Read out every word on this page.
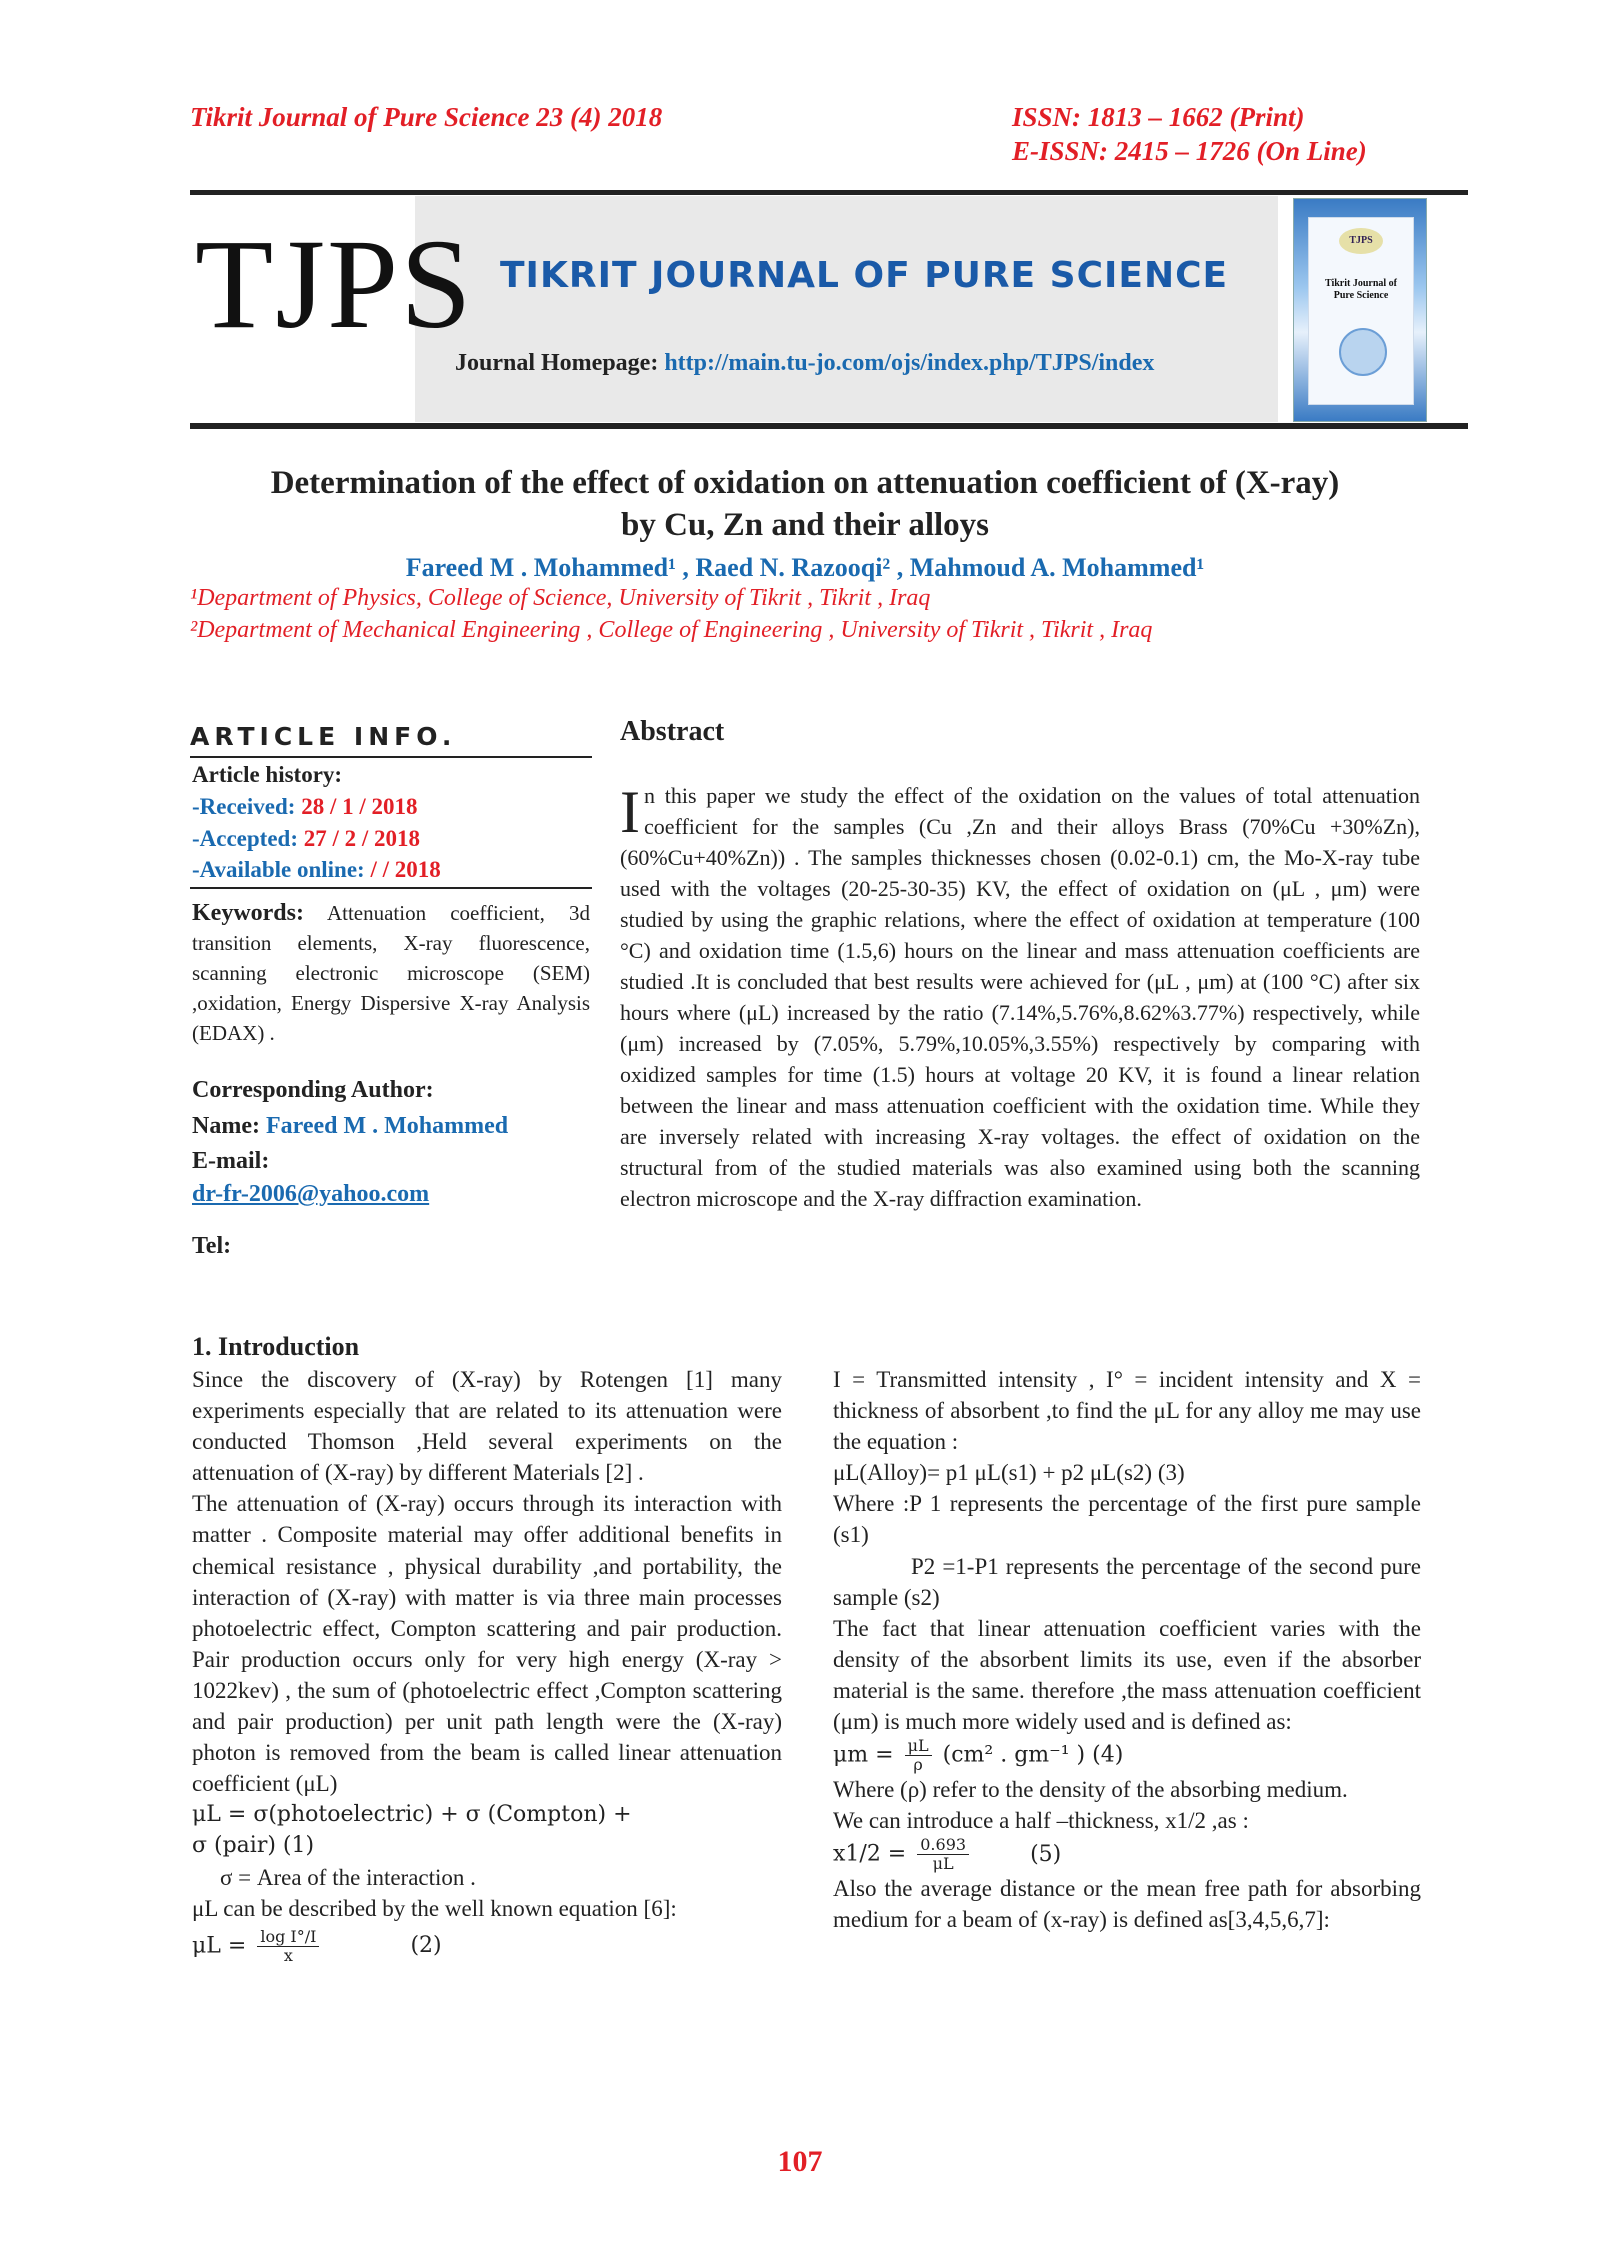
Tikrit Journal of Pure Science 23 (4) 2018	ISSN: 1813 – 1662 (Print)
E-ISSN: 2415 – 1726 (On Line)
TJPS TIKRIT JOURNAL OF PURE SCIENCE
Journal Homepage: http://main.tu-jo.com/ojs/index.php/TJPS/index
TJPS
Tikrit Journal of Pure Science
Determination of the effect of oxidation on attenuation coefficient of (X-ray)
by Cu, Zn and their alloys
Fareed M . Mohammed¹ , Raed N. Razooqi² , Mahmoud A. Mohammed¹
¹Department of Physics, College of Science, University of Tikrit , Tikrit , Iraq
²Department of Mechanical Engineering , College of Engineering , University of Tikrit , Tikrit , Iraq
ARTICLE INFO.
Article history:
-Received: 28 / 1 / 2018
-Accepted: 27 / 2 / 2018
-Available online: / / 2018
Keywords: Attenuation coefficient, 3d transition elements, X-ray fluorescence, scanning electronic microscope (SEM) ,oxidation, Energy Dispersive X-ray Analysis (EDAX) .
Corresponding Author:
Name: Fareed M . Mohammed
E-mail:
dr-fr-2006@yahoo.com
Tel:
Abstract
In this paper we study the effect of the oxidation on the values of total attenuation coefficient for the samples (Cu ,Zn and their alloys Brass (70%Cu +30%Zn), (60%Cu+40%Zn)) . The samples thicknesses chosen (0.02-0.1) cm, the Mo-X-ray tube used with the voltages (20-25-30-35) KV, the effect of oxidation on (μL , μm) were studied by using the graphic relations, where the effect of oxidation at temperature (100 °C) and oxidation time (1.5,6) hours on the linear and mass attenuation coefficients are studied .It is concluded that best results were achieved for (μL , μm) at (100 °C) after six hours where (μL) increased by the ratio (7.14%,5.76%,8.62%3.77%) respectively, while (μm) increased by (7.05%, 5.79%,10.05%,3.55%) respectively by comparing with oxidized samples for time (1.5) hours at voltage 20 KV, it is found a linear relation between the linear and mass attenuation coefficient with the oxidation time. While they are inversely related with increasing X-ray voltages. the effect of oxidation on the structural from of the studied materials was also examined using both the scanning electron microscope and the X-ray diffraction examination.
1. Introduction

Since the discovery of (X-ray) by Rotengen [1] many experiments especially that are related to its attenuation were conducted Thomson ,Held several experiments on the attenuation of (X-ray) by different Materials [2] .

The attenuation of (X-ray) occurs through its interaction with matter . Composite material may offer additional benefits in chemical resistance , physical durability ,and portability, the interaction of (X-ray) with matter is via three main processes photoelectric effect, Compton scattering and pair production. Pair production occurs only for very high energy (X-ray > 1022kev) , the sum of (photoelectric effect ,Compton scattering and pair production) per unit path length were the (X-ray) photon is removed from the beam is called linear attenuation coefficient (μL)

μL = σ(photoelectric) + σ (Compton) +

σ (pair) (1)

σ = Area of the interaction .

μL can be described by the well known equation [6]:

$\mu L = \frac{\text{log I°/I}}{x}$	(2)

I = Transmitted intensity , I° = incident intensity and X = thickness of absorbent ,to find the μL for any alloy me may use the equation :

μL(Alloy)= p1 μL(s1) + p2 μL(s2) (3)

Where :P 1 represents the percentage of the first pure sample (s1)

P2 =1-P1 represents the percentage of the second pure sample (s2)

The fact that linear attenuation coefficient varies with the density of the absorbent limits its use, even if the absorber material is the same. therefore ,the mass attenuation coefficient (μm) is much more widely used and is defined as:

$\mu m = \frac{\mu L}{\rho} (cm^2$ . gm⁻¹ ) (4)

Where (ρ) refer to the density of the absorbing medium.

We can introduce a half –thickness, x1/2 ,as :

$x1/2 = \frac{0.693}{\mu L}$	(5)

Also the average distance or the mean free path for absorbing medium for a beam of (x-ray) is defined as[3,4,5,6,7]:

107
